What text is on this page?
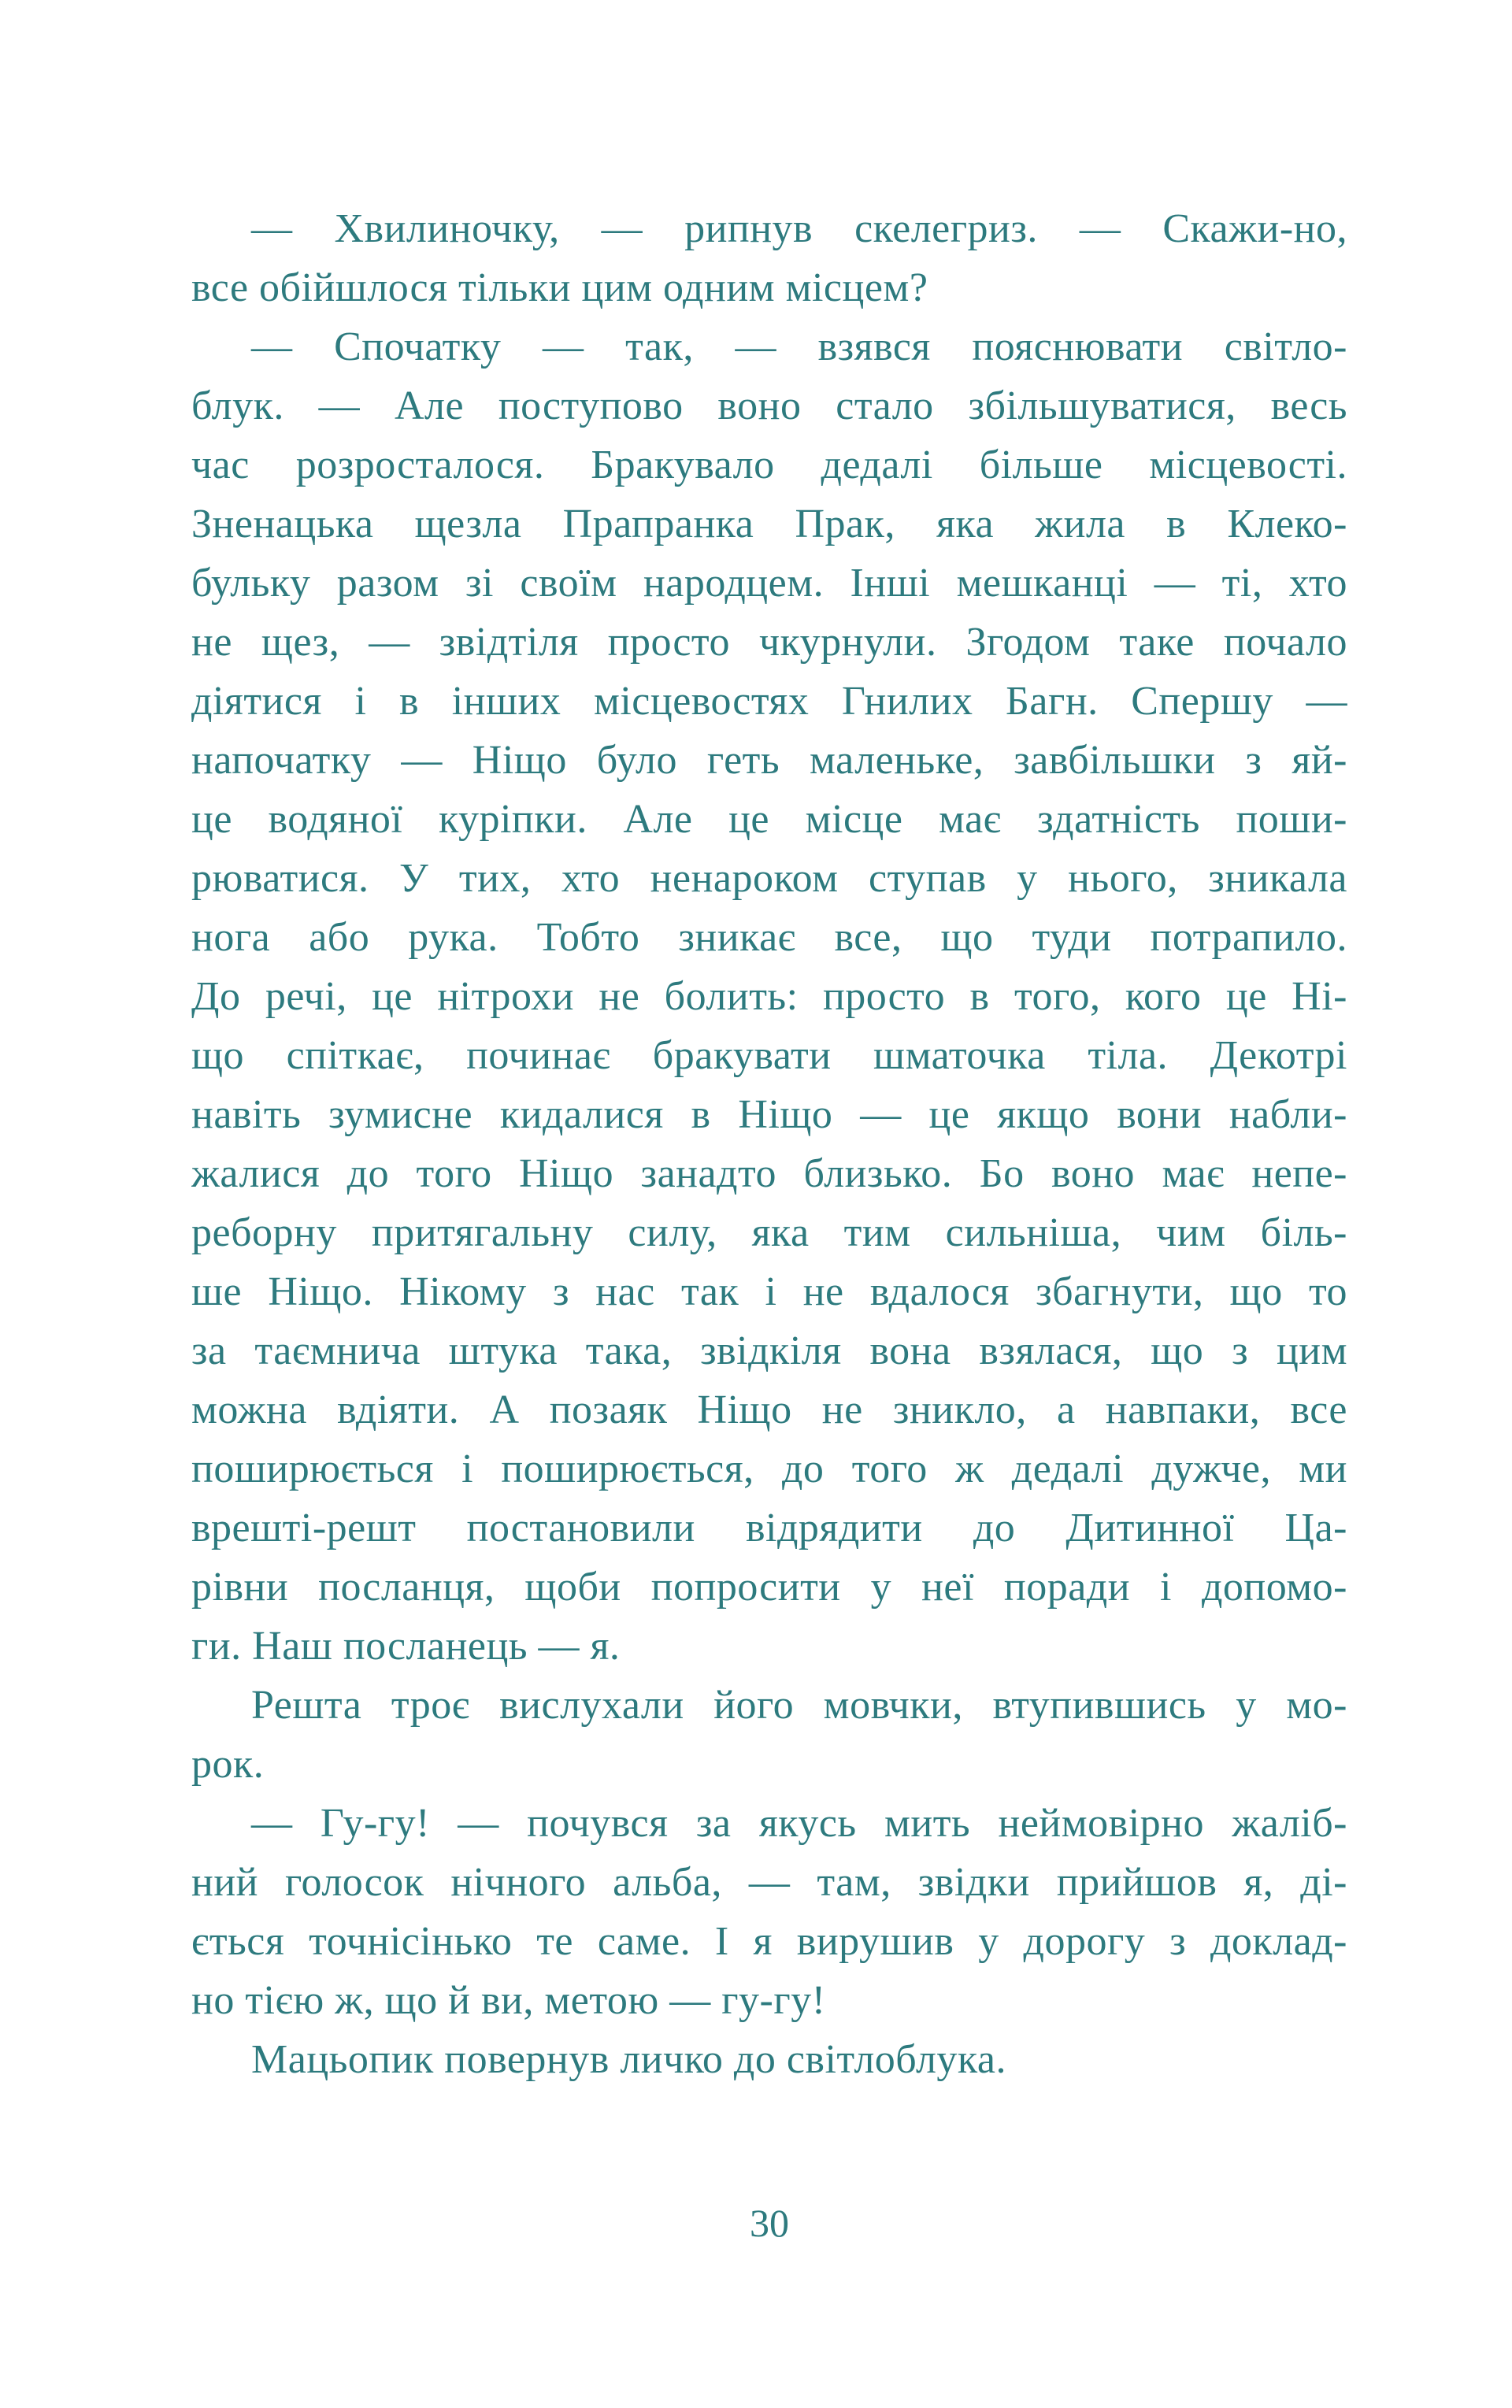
— Хвилиночку, — рипнув скелегриз. — Скажи-но,
все обійшлося тільки цим одним місцем?
— Спочатку — так, — взявся пояснювати світло-
блук. — Але поступово воно стало збільшуватися, весь
час розросталося. Бракувало дедалі більше місцевості.
Зненацька щезла Прапранка Прак, яка жила в Клеко-
бульку разом зі своїм народцем. Інші мешканці — ті, хто
не щез, — звідтіля просто чкурнули. Згодом таке почало
діятися і в інших місцевостях Гнилих Багн. Спершу —
напочатку — Ніщо було геть маленьке, завбільшки з яй-
це водяної куріпки. Але це місце має здатність поши-
рюватися. У тих, хто ненароком ступав у нього, зникала
нога або рука. Тобто зникає все, що туди потрапило.
До речі, це нітрохи не болить: просто в того, кого це Ні-
що спіткає, починає бракувати шматочка тіла. Декотрі
навіть зумисне кидалися в Ніщо — це якщо вони набли-
жалися до того Ніщо занадто близько. Бо воно має непе-
реборну притягальну силу, яка тим сильніша, чим біль-
ше Ніщо. Нікому з нас так і не вдалося збагнути, що то
за таємнича штука така, звідкіля вона взялася, що з цим
можна вдіяти. А позаяк Ніщо не зникло, а навпаки, все
поширюється і поширюється, до того ж дедалі дужче, ми
врешті-решт постановили відрядити до Дитинної Ца-
рівни посланця, щоби попросити у неї поради і допомо-
ги. Наш посланець — я.
Решта троє вислухали його мовчки, втупившись у мо-
рок.
— Гу-гу! — почувся за якусь мить неймовірно жаліб-
ний голосок нічного альба, — там, звідки прийшов я, ді-
ється точнісінько те саме. І я вирушив у дорогу з доклад-
но тією ж, що й ви, метою — гу-гу!
Мацьопик повернув личко до світлоблука.
30
